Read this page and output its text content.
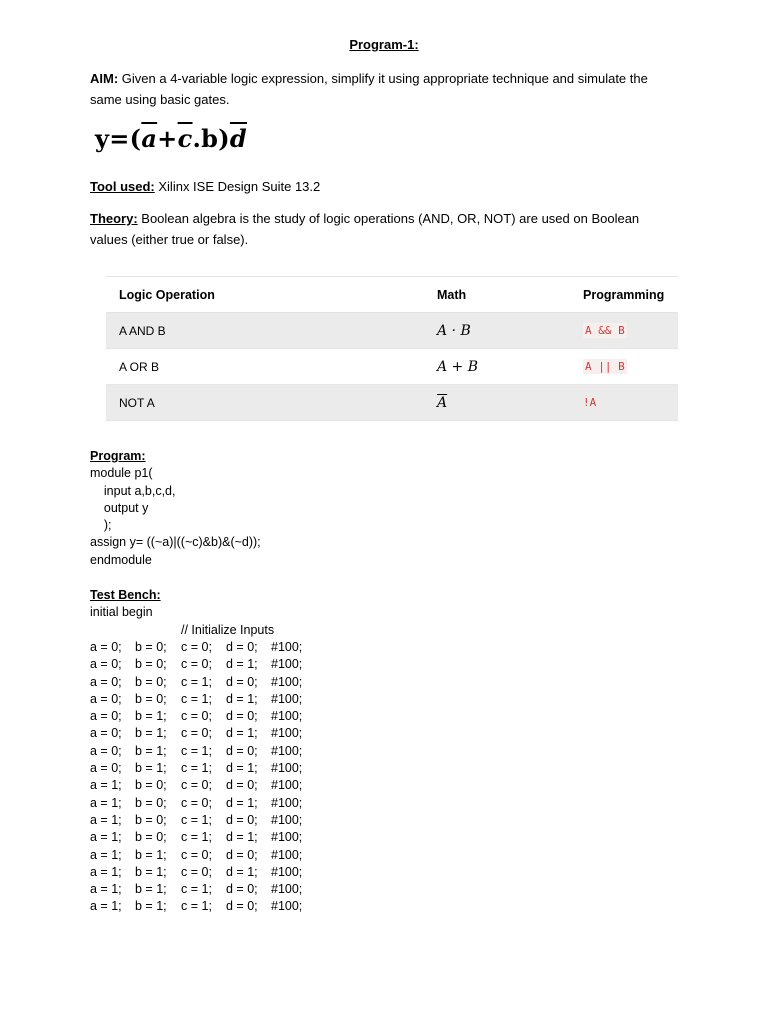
Program-1:
AIM: Given a 4-variable logic expression, simplify it using appropriate technique and simulate the same using basic gates.
$y=(\overline{a}+\overline{c}.b)\overline{d}$
Tool used: Xilinx ISE Design Suite 13.2
Theory: Boolean algebra is the study of logic operations (AND, OR, NOT) are used on Boolean values (either true or false).
Logic Operation	Math	Programming
A AND B	A · B	A && B
A OR B	A + B	A || B
NOT A	$\overline{A}$	!A
Program:
module p1(
input a,b,c,d,
output y
);
assign y= ((~a)|((~c)&b)&(~d));
endmodule
Test Bench:
initial begin
// Initialize Inputs
a = 0; b = 0; c = 0; d = 0; #100;
a = 0; b = 0; c = 0; d = 1; #100;
a = 0; b = 0; c = 1; d = 0; #100;
a = 0; b = 0; c = 1; d = 1; #100;
a = 0; b = 1; c = 0; d = 0; #100;
a = 0; b = 1; c = 0; d = 1; #100;
a = 0; b = 1; c = 1; d = 0; #100;
a = 0; b = 1; c = 1; d = 1; #100;
a = 1; b = 0; c = 0; d = 0; #100;
a = 1; b = 0; c = 0; d = 1; #100;
a = 1; b = 0; c = 1; d = 0; #100;
a = 1; b = 0; c = 1; d = 1; #100;
a = 1; b = 1; c = 0; d = 0; #100;
a = 1; b = 1; c = 0; d = 1; #100;
a = 1; b = 1; c = 1; d = 0; #100;
a = 1; b = 1; c = 1; d = 0; #100;
